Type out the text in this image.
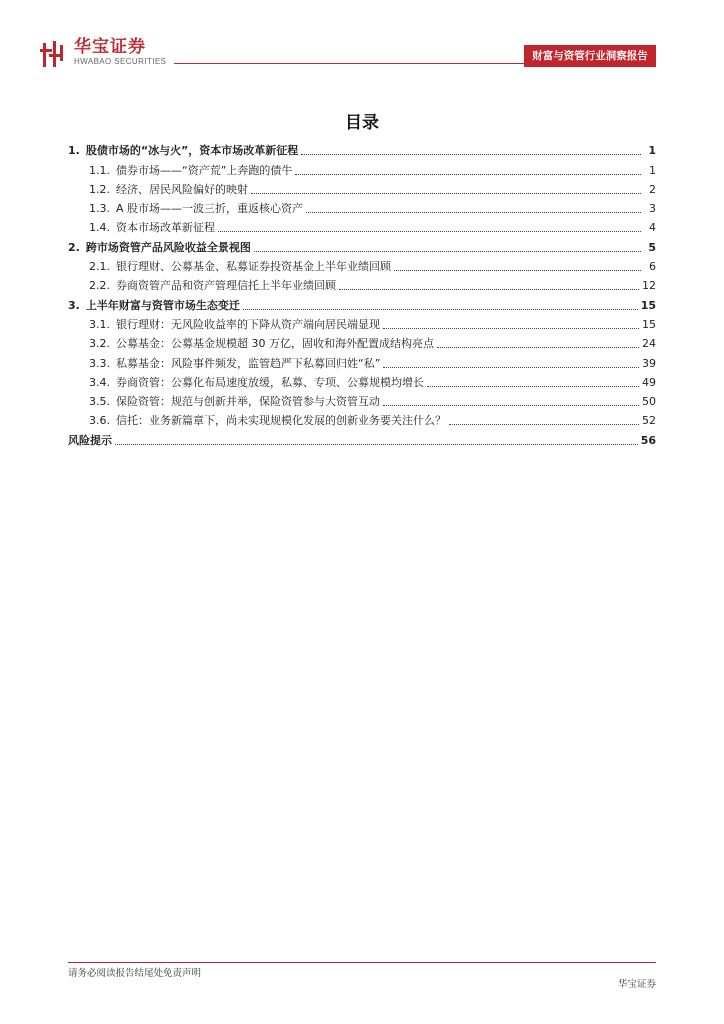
华宝证券
HWABAO SECURITIES	财富与资管行业洞察报告
目录
1. 股债市场的“冰与火”，资本市场改革新征程	1
1.1. 债券市场——“资产荒”上奔跑的债牛	1
1.2. 经济、居民风险偏好的映射	2
1.3. A 股市场——一波三折，重返核心资产	3
1.4. 资本市场改革新征程	4
2. 跨市场资管产品风险收益全景视图	5
2.1. 银行理财、公募基金、私募证券投资基金上半年业绩回顾	6
2.2. 券商资管产品和资产管理信托上半年业绩回顾	12
3. 上半年财富与资管市场生态变迁	15
3.1. 银行理财：无风险收益率的下降从资产端向居民端显现	15
3.2. 公募基金：公募基金规模超 30 万亿，固收和海外配置成结构亮点	24
3.3. 私募基金：风险事件频发，监管趋严下私募回归姓“私”	39
3.4. 券商资管：公募化布局速度放缓，私募、专项、公募规模均增长	49
3.5. 保险资管：规范与创新并举，保险资管参与大资管互动	50
3.6. 信托：业务新篇章下，尚未实现规模化发展的创新业务要关注什么？	52
风险提示	56
请务必阅读报告结尾处免责声明
华宝证券
